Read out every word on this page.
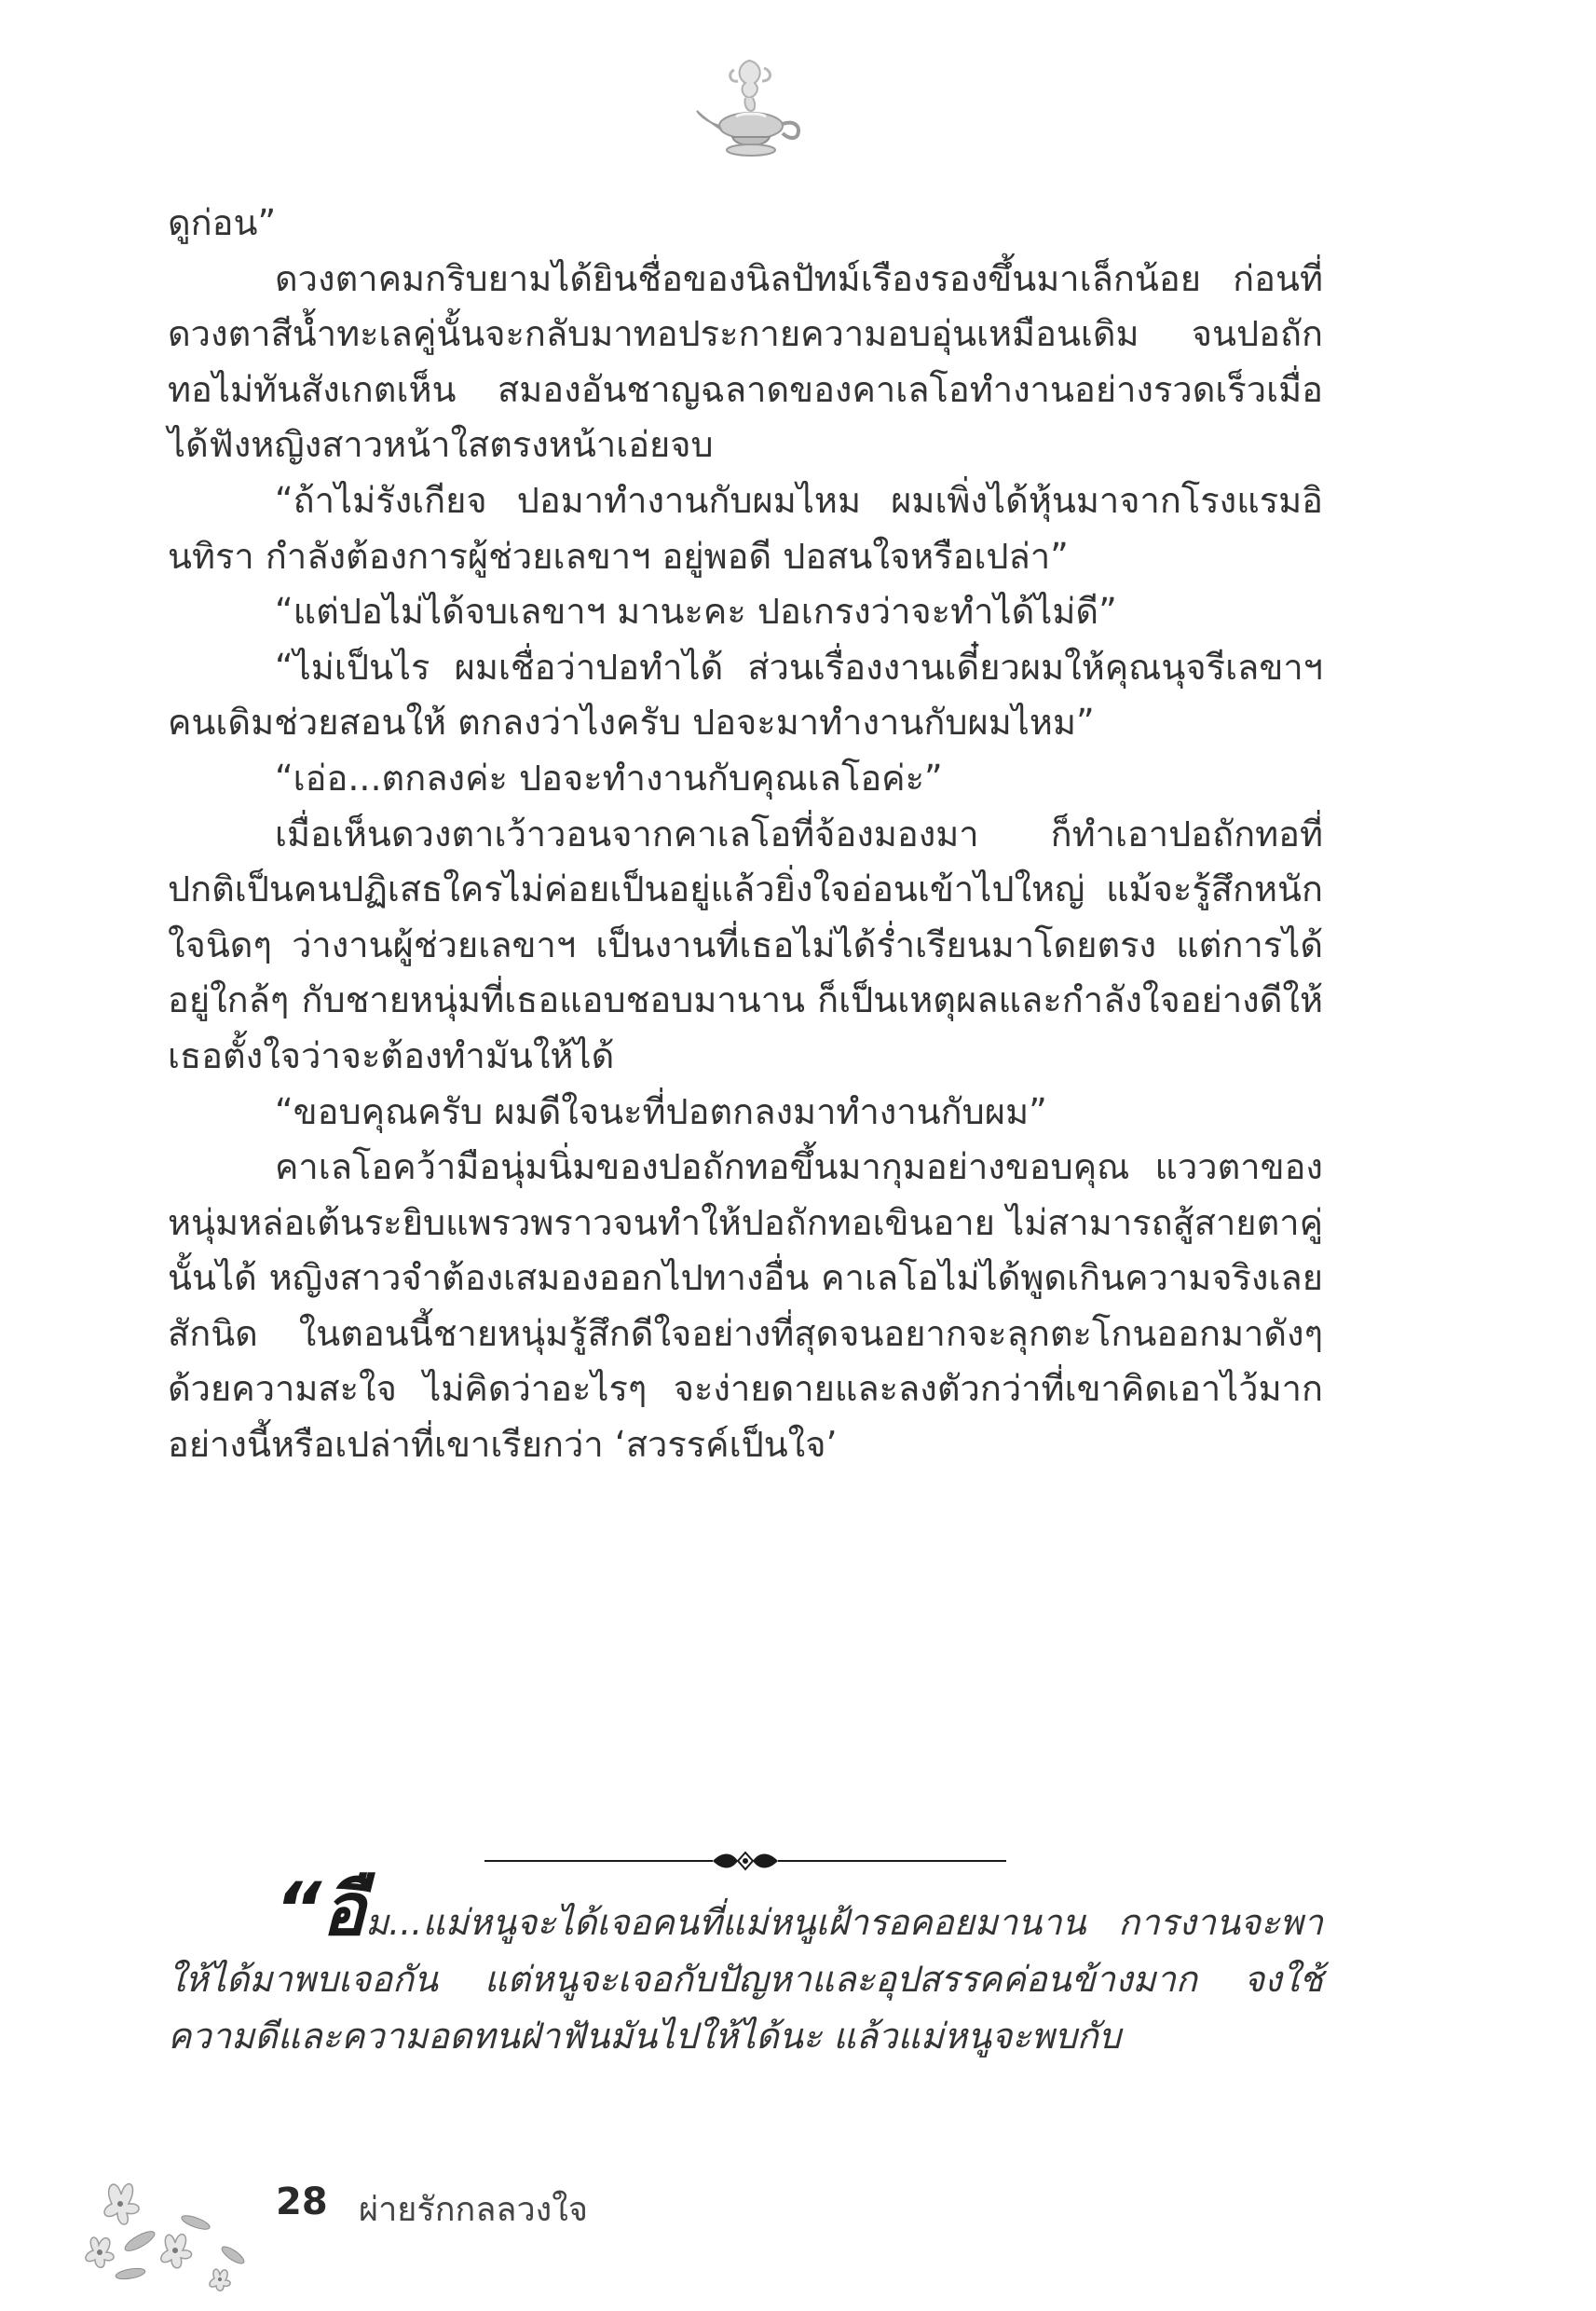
ดูก่อน”

ดวงตาคมกริบยามได้ยินชื่อของนิลปัทม์เรืองรองขึ้นมาเล็กน้อย ก่อนที่ดวงตาสีน้ำทะเลคู่นั้นจะกลับมาทอประกายความอบอุ่นเหมือนเดิม จนปอถักทอไม่ทันสังเกตเห็น สมองอันชาญฉลาดของคาเลโอทำงานอย่างรวดเร็วเมื่อได้ฟังหญิงสาวหน้าใสตรงหน้าเอ่ยจบ

“ถ้าไม่รังเกียจ ปอมาทำงานกับผมไหม ผมเพิ่งได้หุ้นมาจากโรงแรมอินทิรา กำลังต้องการผู้ช่วยเลขาฯ อยู่พอดี ปอสนใจหรือเปล่า”

“แต่ปอไม่ได้จบเลขาฯ มานะคะ ปอเกรงว่าจะทำได้ไม่ดี”

“ไม่เป็นไร ผมเชื่อว่าปอทำได้ ส่วนเรื่องงานเดี๋ยวผมให้คุณนุจรีเลขาฯ คนเดิมช่วยสอนให้ ตกลงว่าไงครับ ปอจะมาทำงานกับผมไหม”

“เอ่อ...ตกลงค่ะ ปอจะทำงานกับคุณเลโอค่ะ”

เมื่อเห็นดวงตาเว้าวอนจากคาเลโอที่จ้องมองมา ก็ทำเอาปอถักทอที่ปกติเป็นคนปฏิเสธใครไม่ค่อยเป็นอยู่แล้วยิ่งใจอ่อนเข้าไปใหญ่ แม้จะรู้สึกหนักใจนิดๆ ว่างานผู้ช่วยเลขาฯ เป็นงานที่เธอไม่ได้ร่ำเรียนมาโดยตรง แต่การได้อยู่ใกล้ๆ กับชายหนุ่มที่เธอแอบชอบมานาน ก็เป็นเหตุผลและกำลังใจอย่างดีให้เธอตั้งใจว่าจะต้องทำมันให้ได้

“ขอบคุณครับ ผมดีใจนะที่ปอตกลงมาทำงานกับผม”

คาเลโอคว้ามือนุ่มนิ่มของปอถักทอขึ้นมากุมอย่างขอบคุณ แววตาของหนุ่มหล่อเต้นระยิบแพรวพราวจนทำให้ปอถักทอเขินอาย ไม่สามารถสู้สายตาคู่นั้นได้ หญิงสาวจำต้องเสมองออกไปทางอื่น คาเลโอไม่ได้พูดเกินความจริงเลยสักนิด ในตอนนี้ชายหนุ่มรู้สึกดีใจอย่างที่สุดจนอยากจะลุกตะโกนออกมาดังๆ ด้วยความสะใจ ไม่คิดว่าอะไรๆ จะง่ายดายและลงตัวกว่าที่เขาคิดเอาไว้มาก อย่างนี้หรือเปล่าที่เขาเรียกว่า ‘สวรรค์เป็นใจ’

“อืม...แม่หนูจะได้เจอคนที่แม่หนูเฝ้ารอคอยมานาน การงานจะพาให้ได้มาพบเจอกัน แต่หนูจะเจอกับปัญหาและอุปสรรคค่อนข้างมาก จงใช้ความดีและความอดทนฝ่าฟันมันไปให้ได้นะ แล้วแม่หนูจะพบกับ

28 ผ่ายรักกลลวงใจ
